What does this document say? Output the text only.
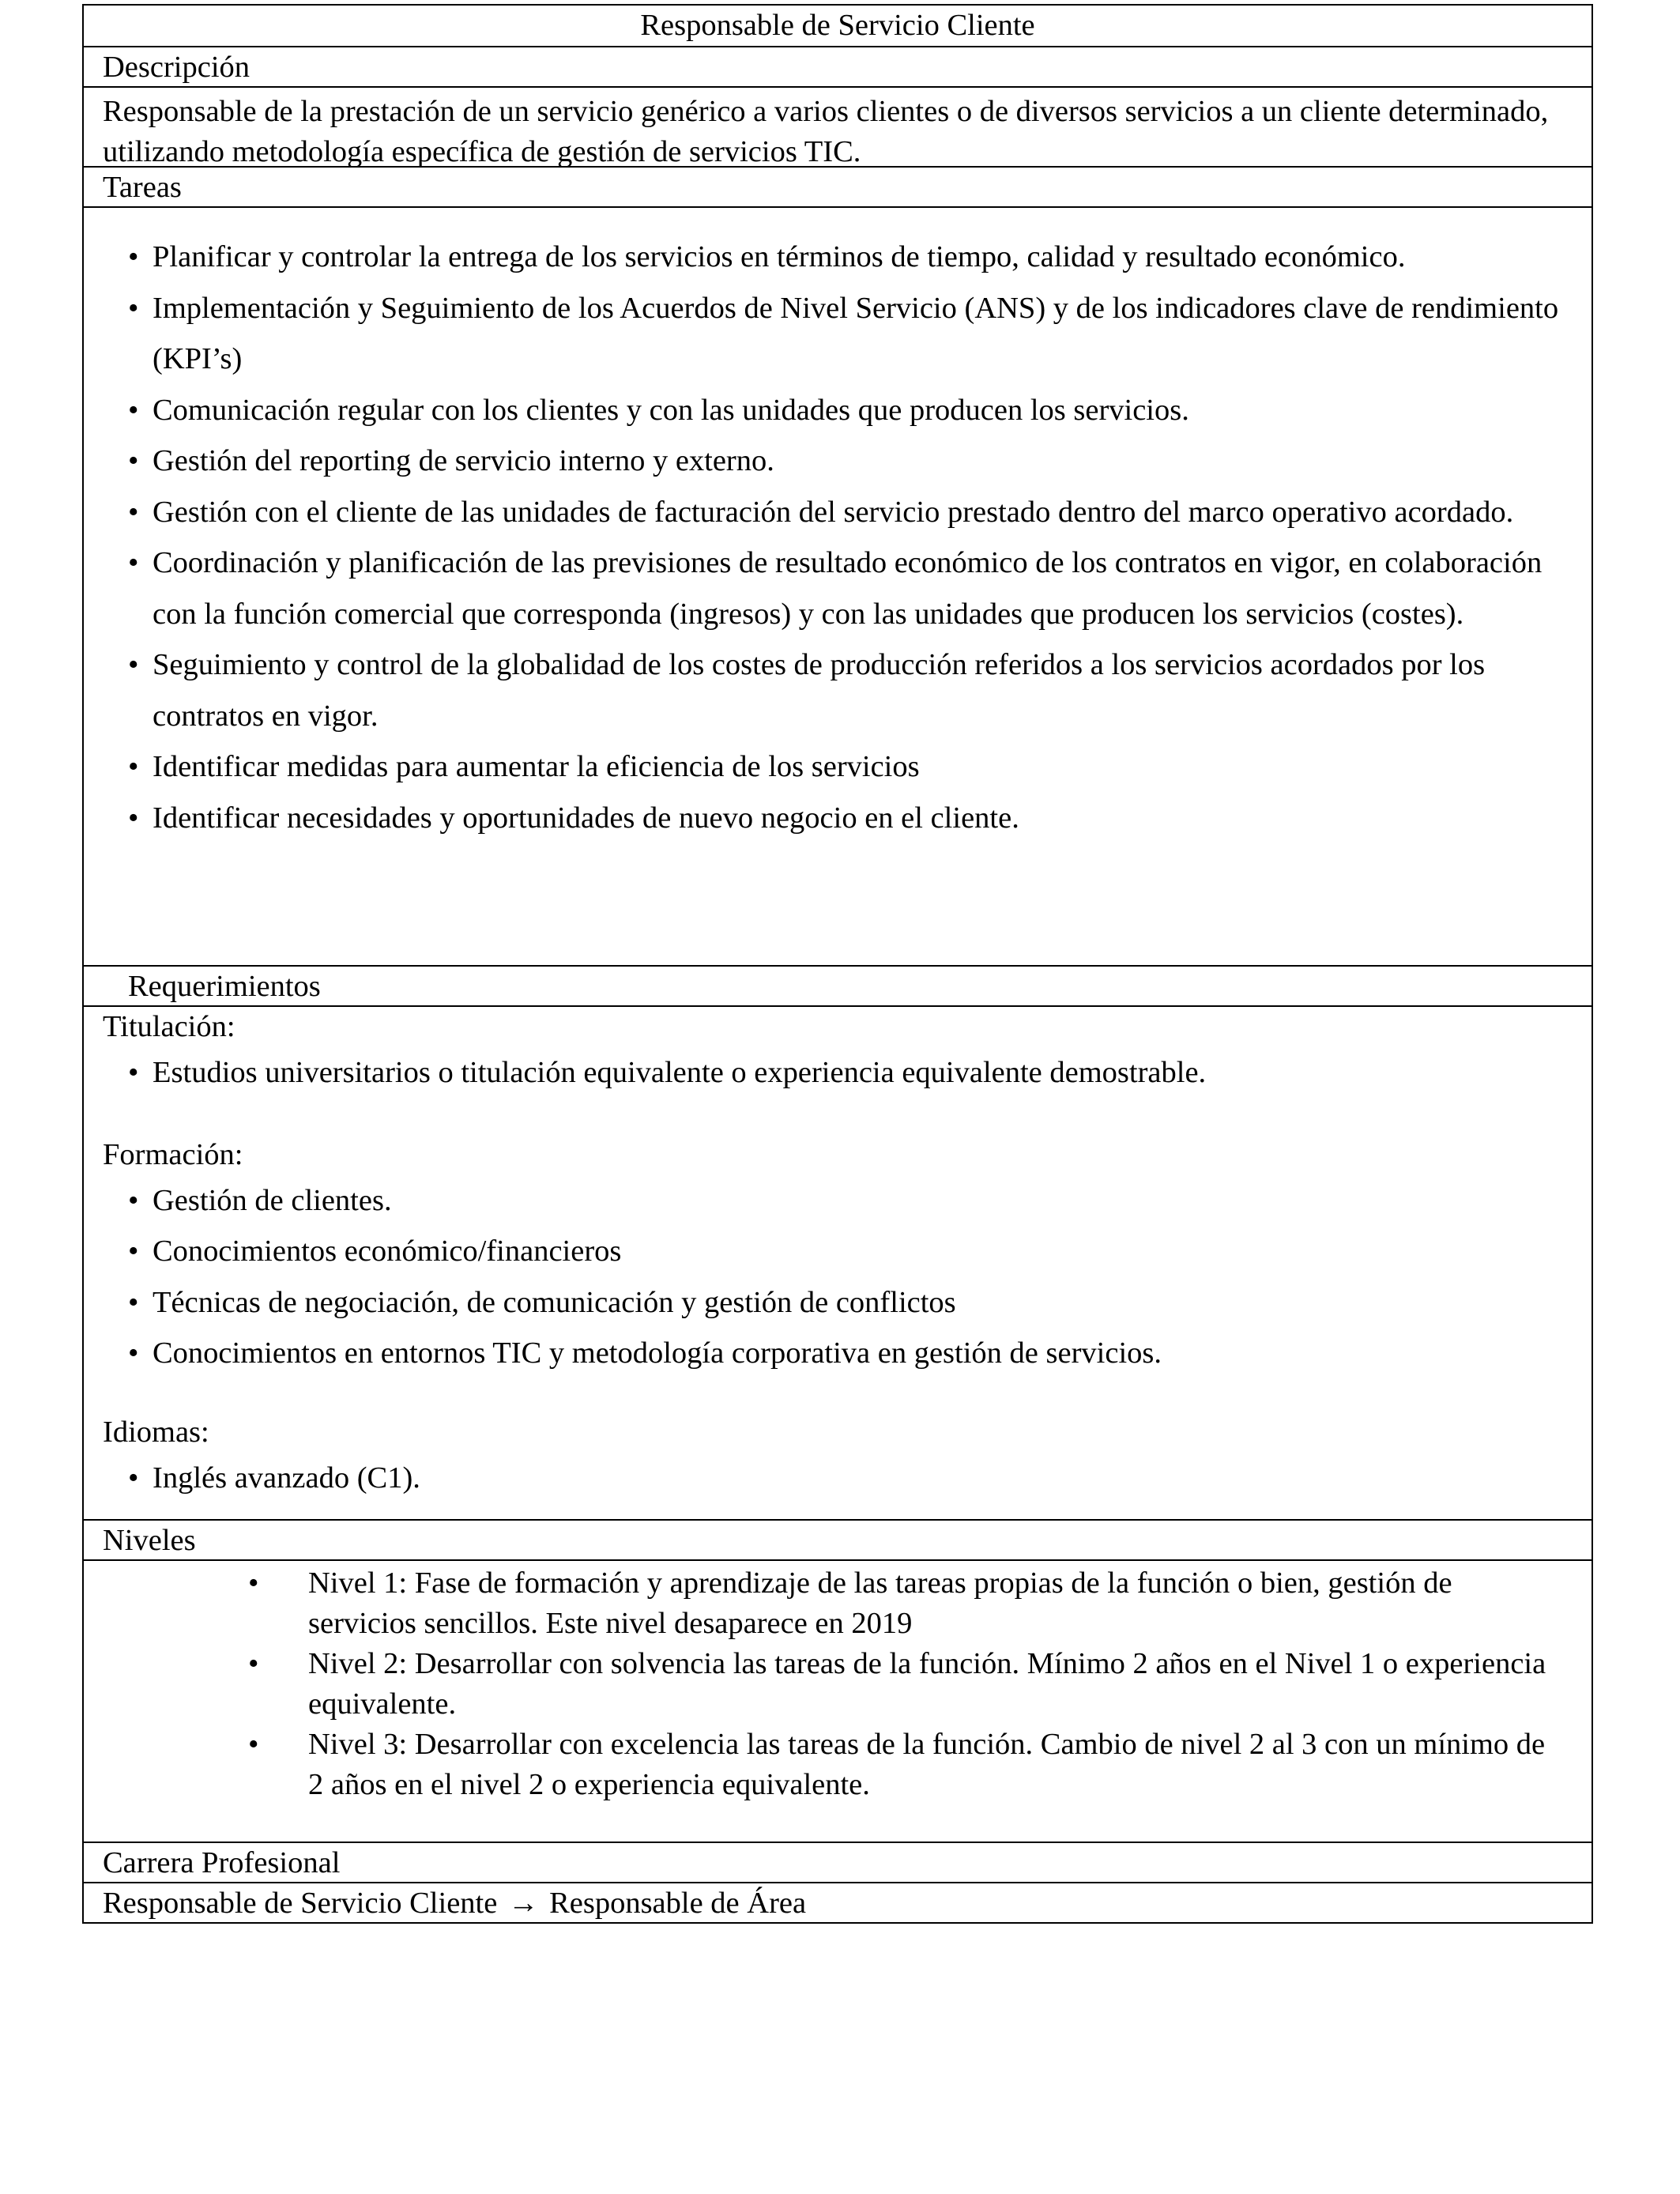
Responsable de Servicio Cliente
Descripción
Responsable de la prestación de un servicio genérico a varios clientes o de diversos servicios a un cliente determinado, utilizando metodología específica de gestión de servicios TIC.
Tareas
• Planificar y controlar la entrega de los servicios en términos de tiempo, calidad y resultado económico.
• Implementación y Seguimiento de los Acuerdos de Nivel Servicio (ANS) y de los indicadores clave de rendimiento (KPI’s)
• Comunicación regular con los clientes y con las unidades que producen los servicios.
• Gestión del reporting de servicio interno y externo.
• Gestión con el cliente de las unidades de facturación del servicio prestado dentro del marco operativo acordado.
• Coordinación y planificación de las previsiones de resultado económico de los contratos en vigor, en colaboración con la función comercial que corresponda (ingresos) y con las unidades que producen los servicios (costes).
• Seguimiento y control de la globalidad de los costes de producción referidos a los servicios acordados por los contratos en vigor.
• Identificar medidas para aumentar la eficiencia de los servicios
• Identificar necesidades y oportunidades de nuevo negocio en el cliente.
Requerimientos
Titulación:
• Estudios universitarios o titulación equivalente o experiencia equivalente demostrable.
Formación:
• Gestión de clientes.
• Conocimientos económico/financieros
• Técnicas de negociación, de comunicación y gestión de conflictos
• Conocimientos en entornos TIC y metodología corporativa en gestión de servicios.
Idiomas:
• Inglés avanzado (C1).
Niveles
• Nivel 1: Fase de formación y aprendizaje de las tareas propias de la función o bien, gestión de servicios sencillos. Este nivel desaparece en 2019
• Nivel 2: Desarrollar con solvencia las tareas de la función. Mínimo 2 años en el Nivel 1 o experiencia equivalente.
• Nivel 3: Desarrollar con excelencia las tareas de la función. Cambio de nivel 2 al 3 con un mínimo de 2 años en el nivel 2 o experiencia equivalente.
Carrera Profesional
Responsable de Servicio Cliente → Responsable de Área
